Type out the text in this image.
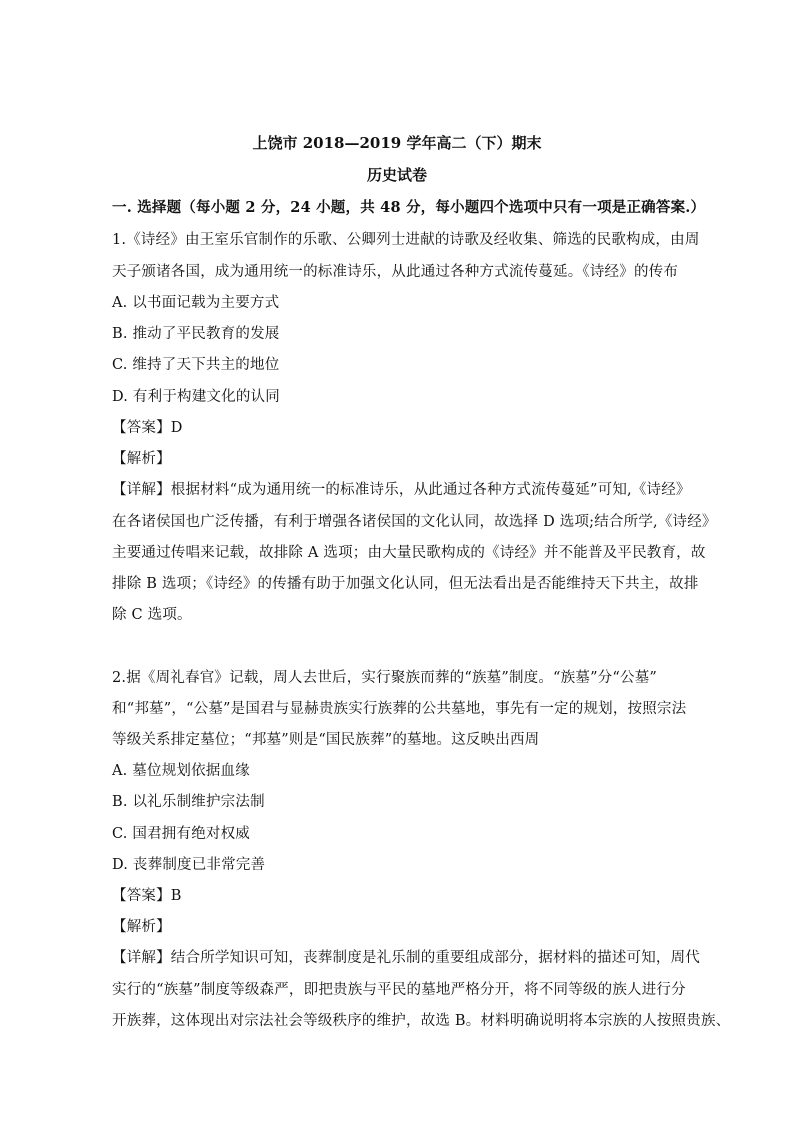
上饶市 2018—2019 学年高二（下）期末
历史试卷
一. 选择题（每小题 2 分，24 小题，共 48 分，每小题四个选项中只有一项是正确答案.）
1.《诗经》由王室乐官制作的乐歌、公卿列士进献的诗歌及经收集、筛选的民歌构成，由周
天子颁诸各国，成为通用统一的标准诗乐，从此通过各种方式流传蔓延。《诗经》的传布
A. 以书面记载为主要方式
B. 推动了平民教育的发展
C. 维持了天下共主的地位
D. 有利于构建文化的认同
【答案】D
【解析】
【详解】根据材料“成为通用统一的标准诗乐，从此通过各种方式流传蔓延”可知,《诗经》
在各诸侯国也广泛传播，有利于增强各诸侯国的文化认同，故选择 D 选项;结合所学,《诗经》
主要通过传唱来记载，故排除 A 选项；由大量民歌构成的《诗经》并不能普及平民教育，故
排除 B 选项；《诗经》的传播有助于加强文化认同，但无法看出是否能维持天下共主，故排
除 C 选项。
2.据《周礼春官》记载，周人去世后，实行聚族而葬的“族墓”制度。“族墓”分“公墓”
和“邦墓”，“公墓”是国君与显赫贵族实行族葬的公共墓地，事先有一定的规划，按照宗法
等级关系排定墓位；“邦墓”则是“国民族葬”的墓地。这反映出西周
A. 墓位规划依据血缘
B. 以礼乐制维护宗法制
C. 国君拥有绝对权威
D. 丧葬制度已非常完善
【答案】B
【解析】
【详解】结合所学知识可知，丧葬制度是礼乐制的重要组成部分，据材料的描述可知，周代
实行的“族墓”制度等级森严，即把贵族与平民的墓地严格分开，将不同等级的族人进行分
开族葬，这体现出对宗法社会等级秩序的维护，故选 B。材料明确说明将本宗族的人按照贵族、
